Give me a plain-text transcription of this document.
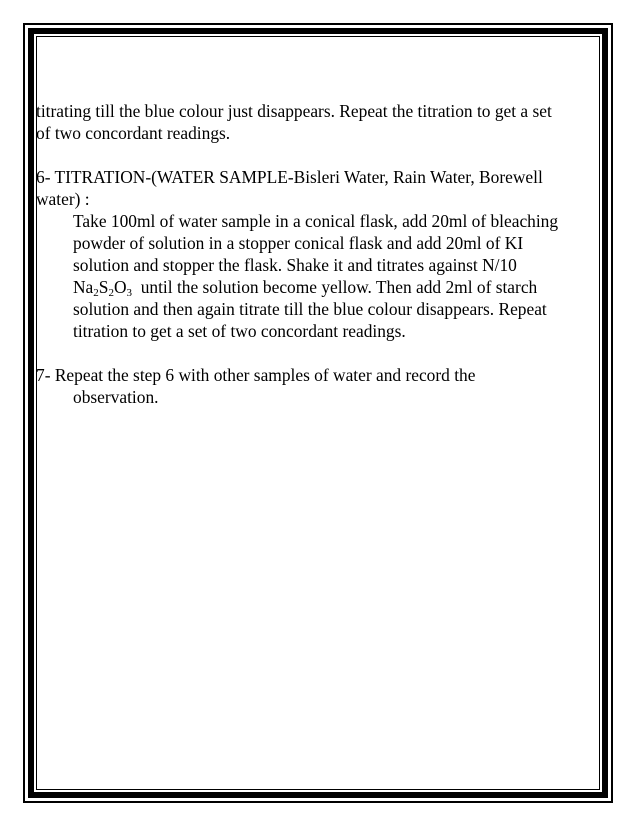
titrating till the blue colour just disappears. Repeat the titration to get a set
of two concordant readings.
6- TITRATION-(WATER SAMPLE-Bisleri Water, Rain Water, Borewell
water) :
Take 100ml of water sample in a conical flask, add 20ml of bleaching
powder of solution in a stopper conical flask and add 20ml of KI
solution and stopper the flask. Shake it and titrates against N/10
$Na_2S_2O_3$  until the solution become yellow. Then add 2ml of starch
solution and then again titrate till the blue colour disappears. Repeat
titration to get a set of two concordant readings.
7- Repeat the step 6 with other samples of water and record the
observation.
